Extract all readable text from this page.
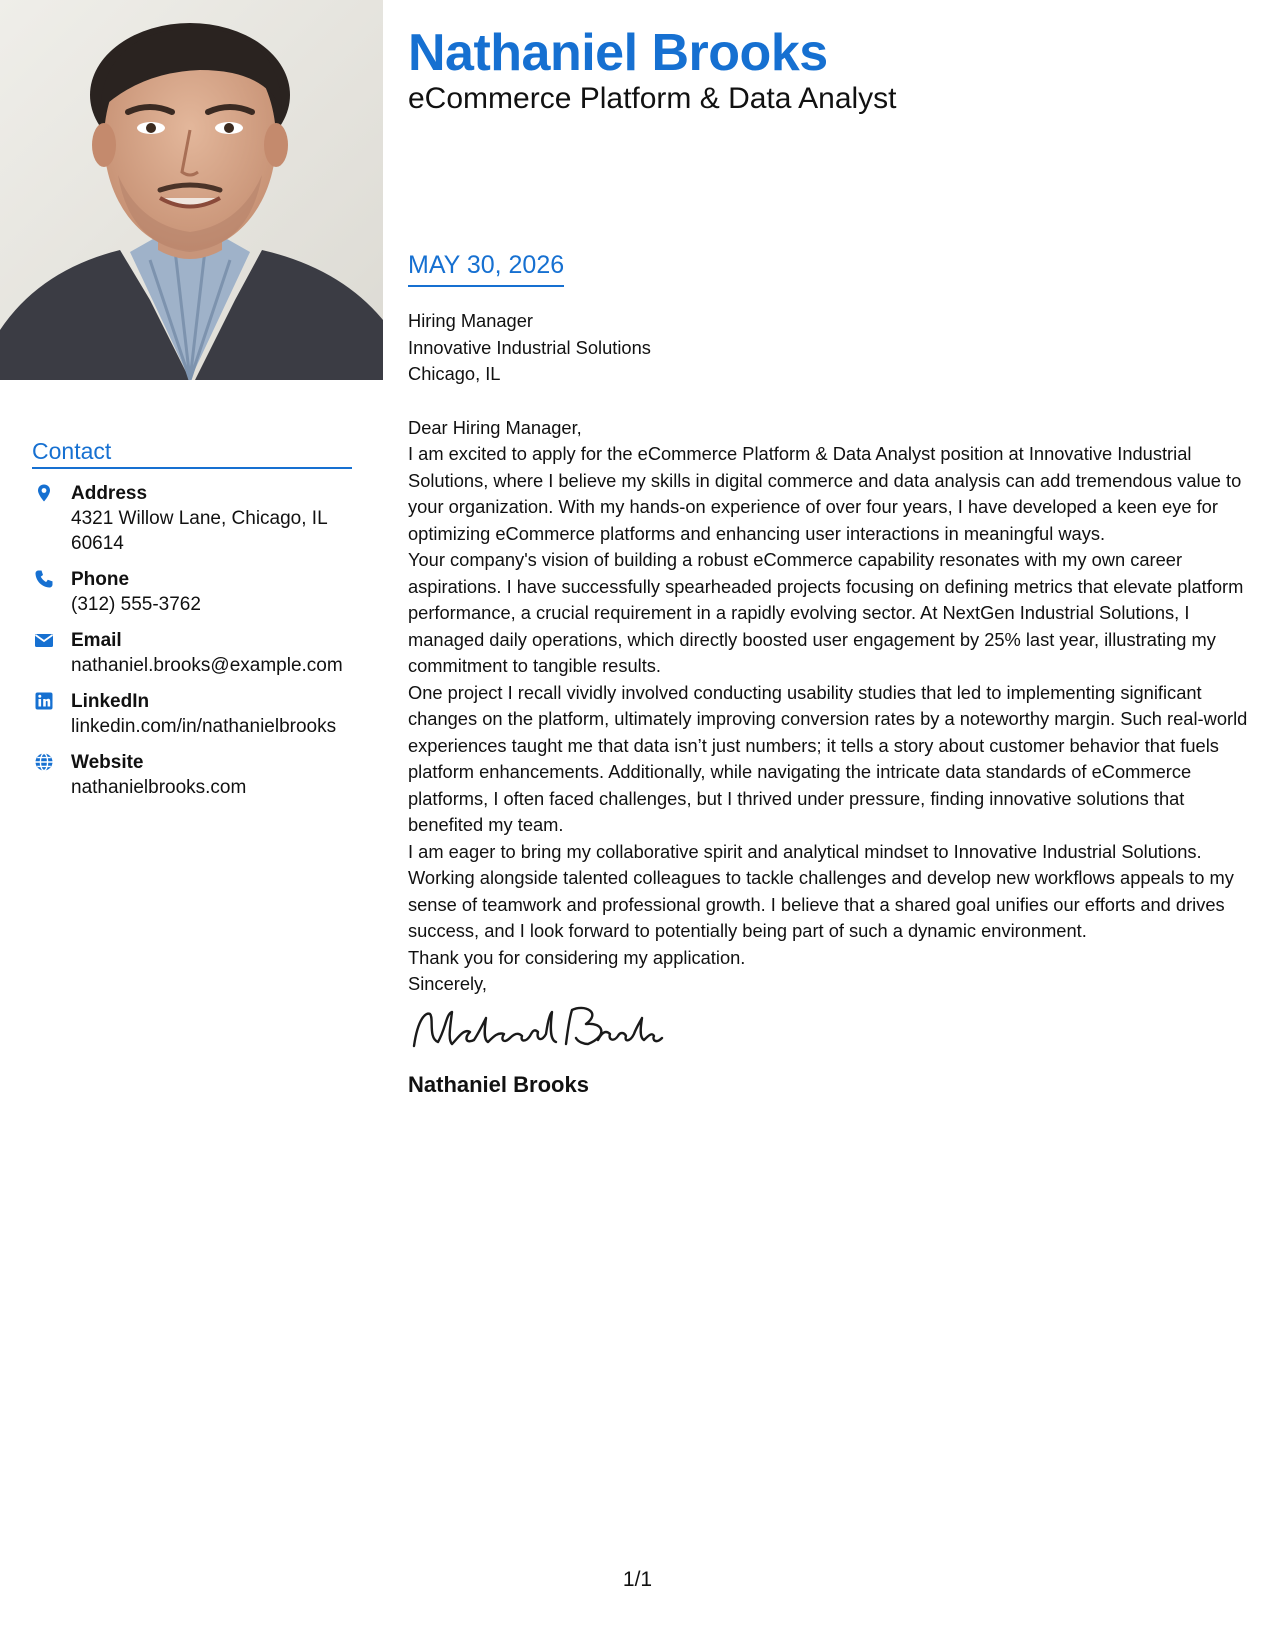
Nathaniel Brooks
eCommerce Platform & Data Analyst
Contact
Address
4321 Willow Lane, Chicago, IL 60614
Phone
(312) 555-3762
Email
nathaniel.brooks@example.com
LinkedIn
linkedin.com/in/nathanielbrooks
Website
nathanielbrooks.com
MAY 30, 2026
Hiring Manager
Innovative Industrial Solutions
Chicago, IL

Dear Hiring Manager,

I am excited to apply for the eCommerce Platform & Data Analyst position at Innovative Industrial Solutions, where I believe my skills in digital commerce and data analysis can add tremendous value to your organization. With my hands-on experience of over four years, I have developed a keen eye for optimizing eCommerce platforms and enhancing user interactions in meaningful ways.

Your company's vision of building a robust eCommerce capability resonates with my own career aspirations. I have successfully spearheaded projects focusing on defining metrics that elevate platform performance, a crucial requirement in a rapidly evolving sector. At NextGen Industrial Solutions, I managed daily operations, which directly boosted user engagement by 25% last year, illustrating my commitment to tangible results.

One project I recall vividly involved conducting usability studies that led to implementing significant changes on the platform, ultimately improving conversion rates by a noteworthy margin. Such real-world experiences taught me that data isn’t just numbers; it tells a story about customer behavior that fuels platform enhancements. Additionally, while navigating the intricate data standards of eCommerce platforms, I often faced challenges, but I thrived under pressure, finding innovative solutions that benefited my team.

I am eager to bring my collaborative spirit and analytical mindset to Innovative Industrial Solutions. Working alongside talented colleagues to tackle challenges and develop new workflows appeals to my sense of teamwork and professional growth. I believe that a shared goal unifies our efforts and drives success, and I look forward to potentially being part of such a dynamic environment.

Thank you for considering my application.

Sincerely,

Nathaniel Brooks
1/1
